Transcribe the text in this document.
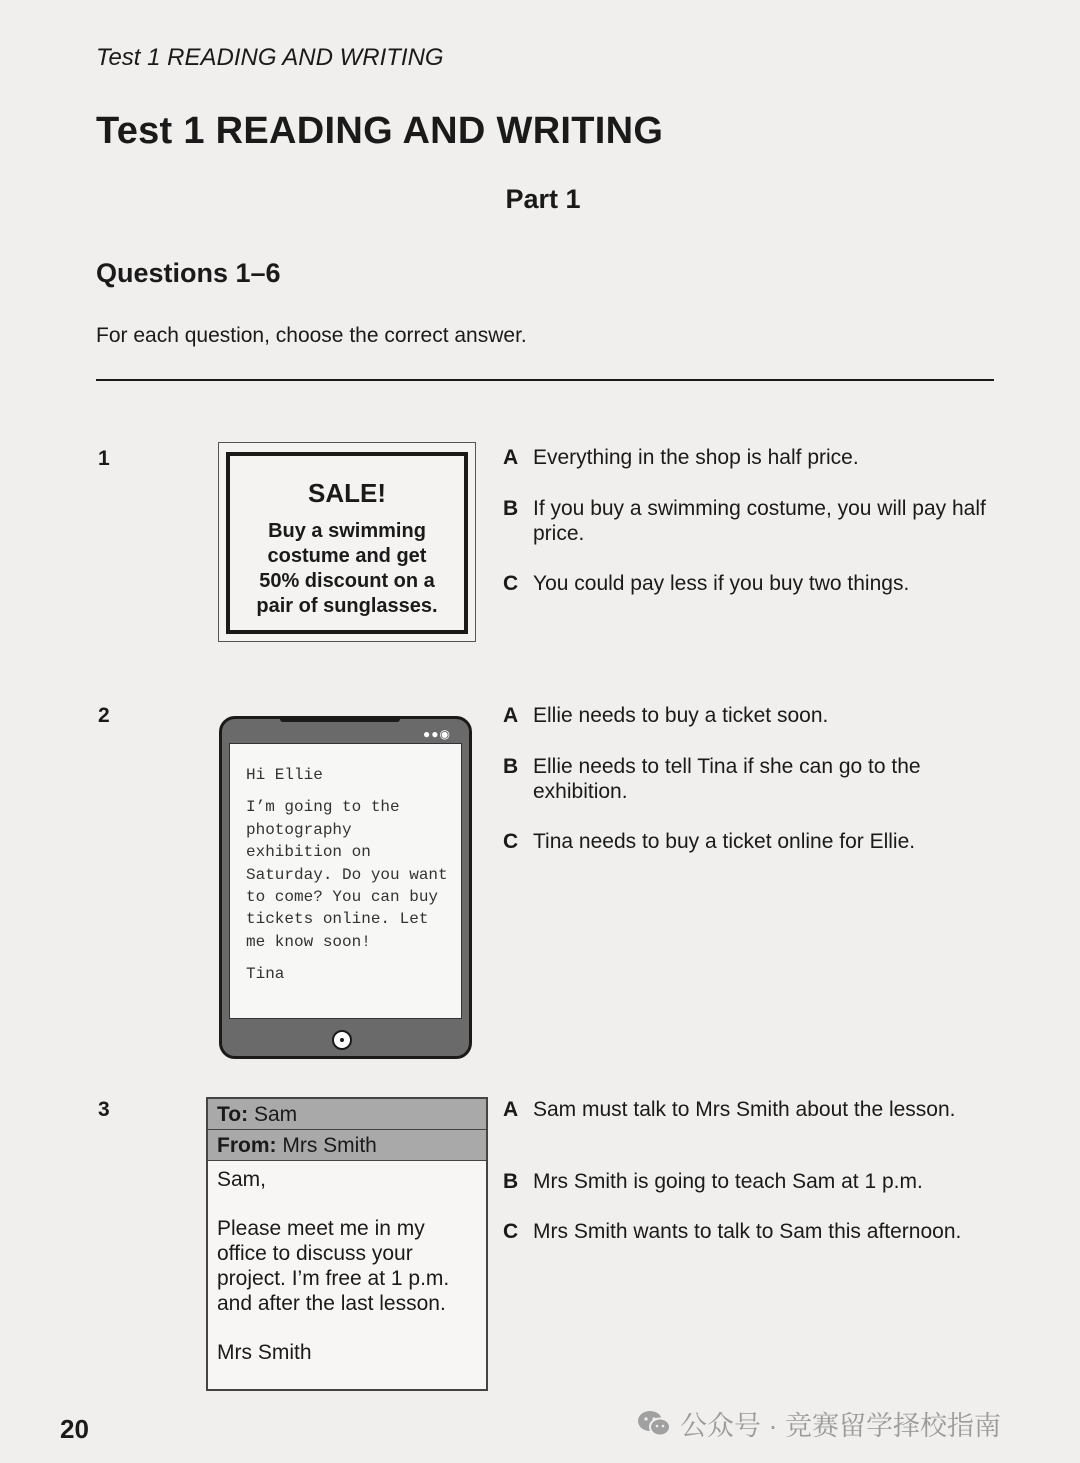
Test 1 READING AND WRITING
Test 1 READING AND WRITING
Part 1
Questions 1–6
For each question, choose the correct answer.
1
SALE!
Buy a swimming
costume and get
50% discount on a
pair of sunglasses.
A Everything in the shop is half price.
B If you buy a swimming costume, you will pay half price.
C You could pay less if you buy two things.
2
●●◉

Hi Ellie

I’m going to the photography exhibition on Saturday. Do you want to come? You can buy tickets online. Let me know soon!

Tina

A Ellie needs to buy a ticket soon.
B Ellie needs to tell Tina if she can go to the exhibition.
C Tina needs to buy a ticket online for Ellie.
3	To: Sam
From: Mrs Smith

Sam,

Please meet me in my office to discuss your project. I’m free at 1 p.m. and after the last lesson.

Mrs Smith

A Sam must talk to Mrs Smith about the lesson.
B Mrs Smith is going to teach Sam at 1 p.m.
C Mrs Smith wants to talk to Sam this afternoon.
20	公众号 · 竞赛留学择校指南
